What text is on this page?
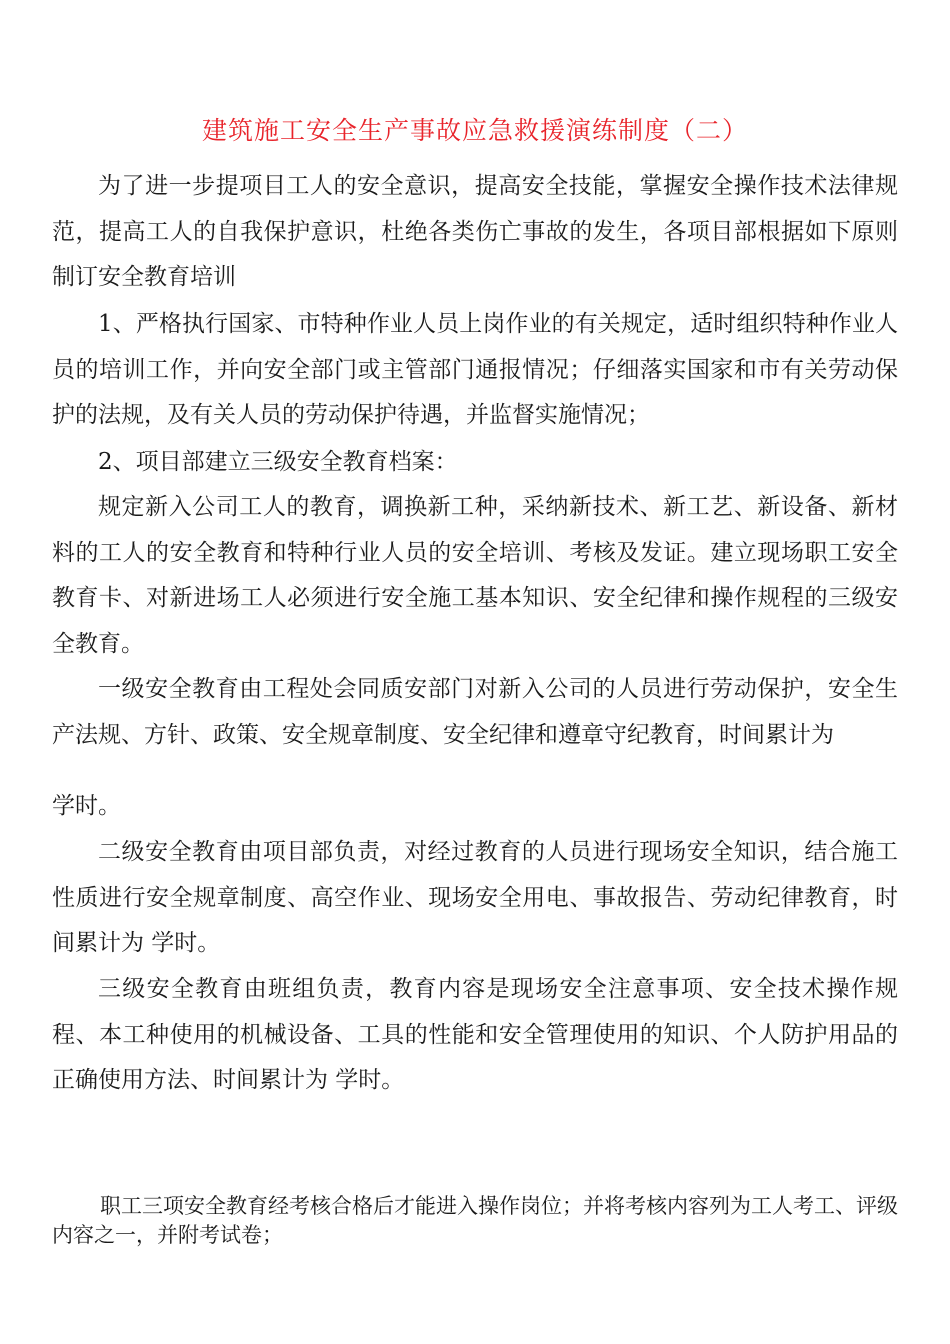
建筑施工安全生产事故应急救援演练制度（二）
为了进一步提项目工人的安全意识，提高安全技能，掌握安全操作技术法律规范，提高工人的自我保护意识，杜绝各类伤亡事故的发生，各项目部根据如下原则制订安全教育培训
1、严格执行国家、市特种作业人员上岗作业的有关规定，适时组织特种作业人员的培训工作，并向安全部门或主管部门通报情况；仔细落实国家和市有关劳动保护的法规，及有关人员的劳动保护待遇，并监督实施情况；
2、项目部建立三级安全教育档案：
规定新入公司工人的教育，调换新工种，采纳新技术、新工艺、新设备、新材料的工人的安全教育和特种行业人员的安全培训、考核及发证。建立现场职工安全教育卡、对新进场工人必须进行安全施工基本知识、安全纪律和操作规程的三级安全教育。
一级安全教育由工程处会同质安部门对新入公司的人员进行劳动保护，安全生产法规、方针、政策、安全规章制度、安全纪律和遵章守纪教育，时间累计为
学时。
二级安全教育由项目部负责，对经过教育的人员进行现场安全知识，结合施工性质进行安全规章制度、高空作业、现场安全用电、事故报告、劳动纪律教育，时间累计为 学时。
三级安全教育由班组负责，教育内容是现场安全注意事项、安全技术操作规程、本工种使用的机械设备、工具的性能和安全管理使用的知识、个人防护用品的正确使用方法、时间累计为 学时。
职工三项安全教育经考核合格后才能进入操作岗位；并将考核内容列为工人考工、评级内容之一，并附考试卷；
